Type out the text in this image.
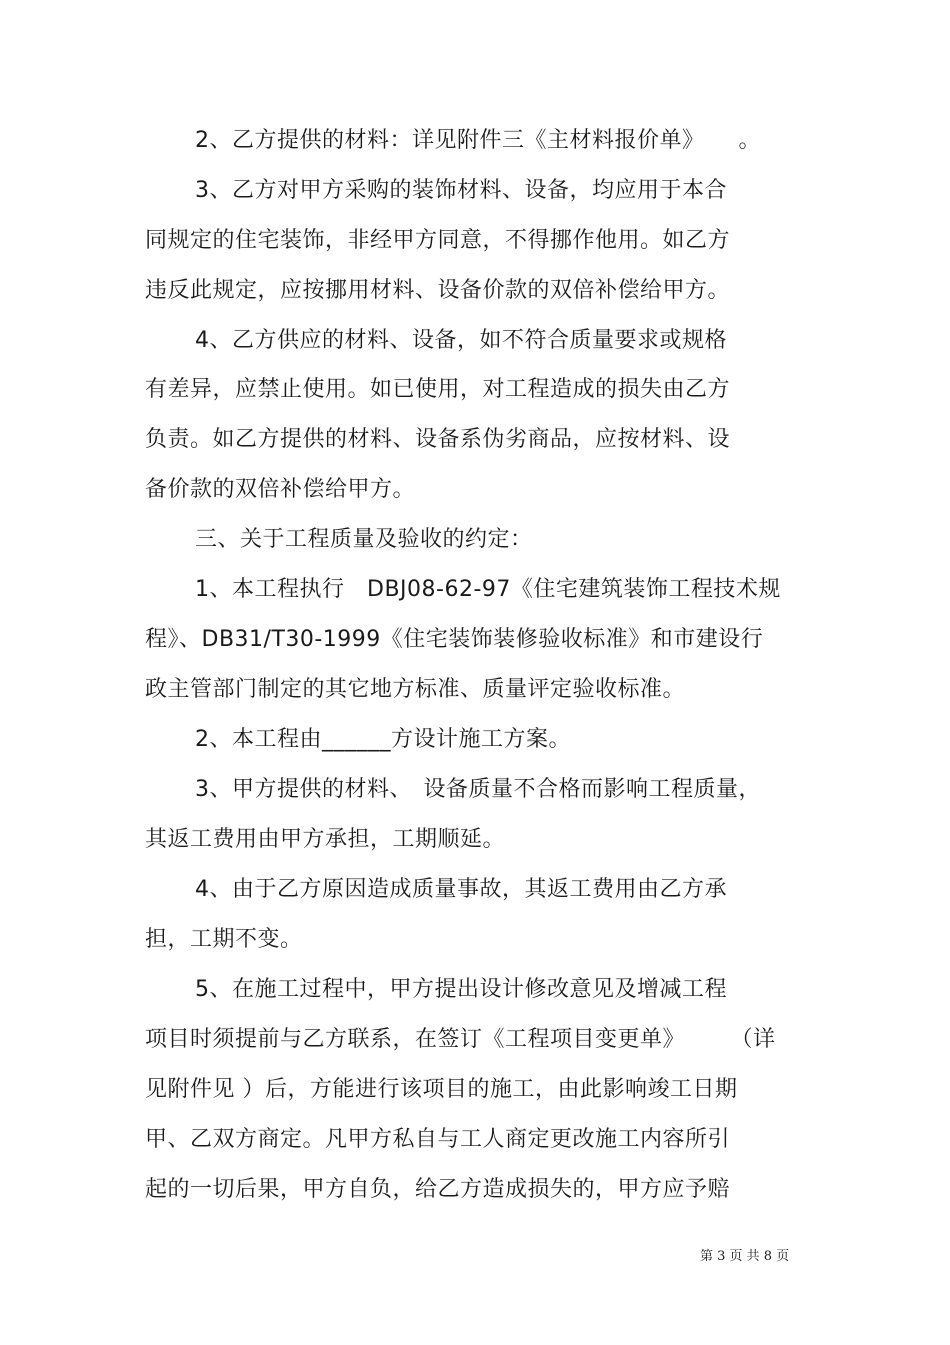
2、乙方提供的材料：详见附件三《主材料报价单》　　。
3、乙方对甲方采购的装饰材料、设备，均应用于本合
同规定的住宅装饰，非经甲方同意，不得挪作他用。如乙方
违反此规定，应按挪用材料、设备价款的双倍补偿给甲方。
4、乙方供应的材料、设备，如不符合质量要求或规格
有差异，应禁止使用。如已使用，对工程造成的损失由乙方
负责。如乙方提供的材料、设备系伪劣商品，应按材料、设
备价款的双倍补偿给甲方。
三、关于工程质量及验收的约定：
1、本工程执行　DBJ08-62-97《住宅建筑装饰工程技术规
程》、DB31/T30-1999《住宅装饰装修验收标准》和市建设行
政主管部门制定的其它地方标准、质量评定验收标准。
2、本工程由______方设计施工方案。
3、甲方提供的材料、　设备质量不合格而影响工程质量，
其返工费用由甲方承担，工期顺延。
4、由于乙方原因造成质量事故，其返工费用由乙方承
担，工期不变。
5、在施工过程中，甲方提出设计修改意见及增减工程
项目时须提前与乙方联系，在签订《工程项目变更单》　　　（详
见附件见 ）后，方能进行该项目的施工，由此影响竣工日期
甲、乙双方商定。凡甲方私自与工人商定更改施工内容所引
起的一切后果，甲方自负，给乙方造成损失的，甲方应予赔
第 3 页 共 8 页
